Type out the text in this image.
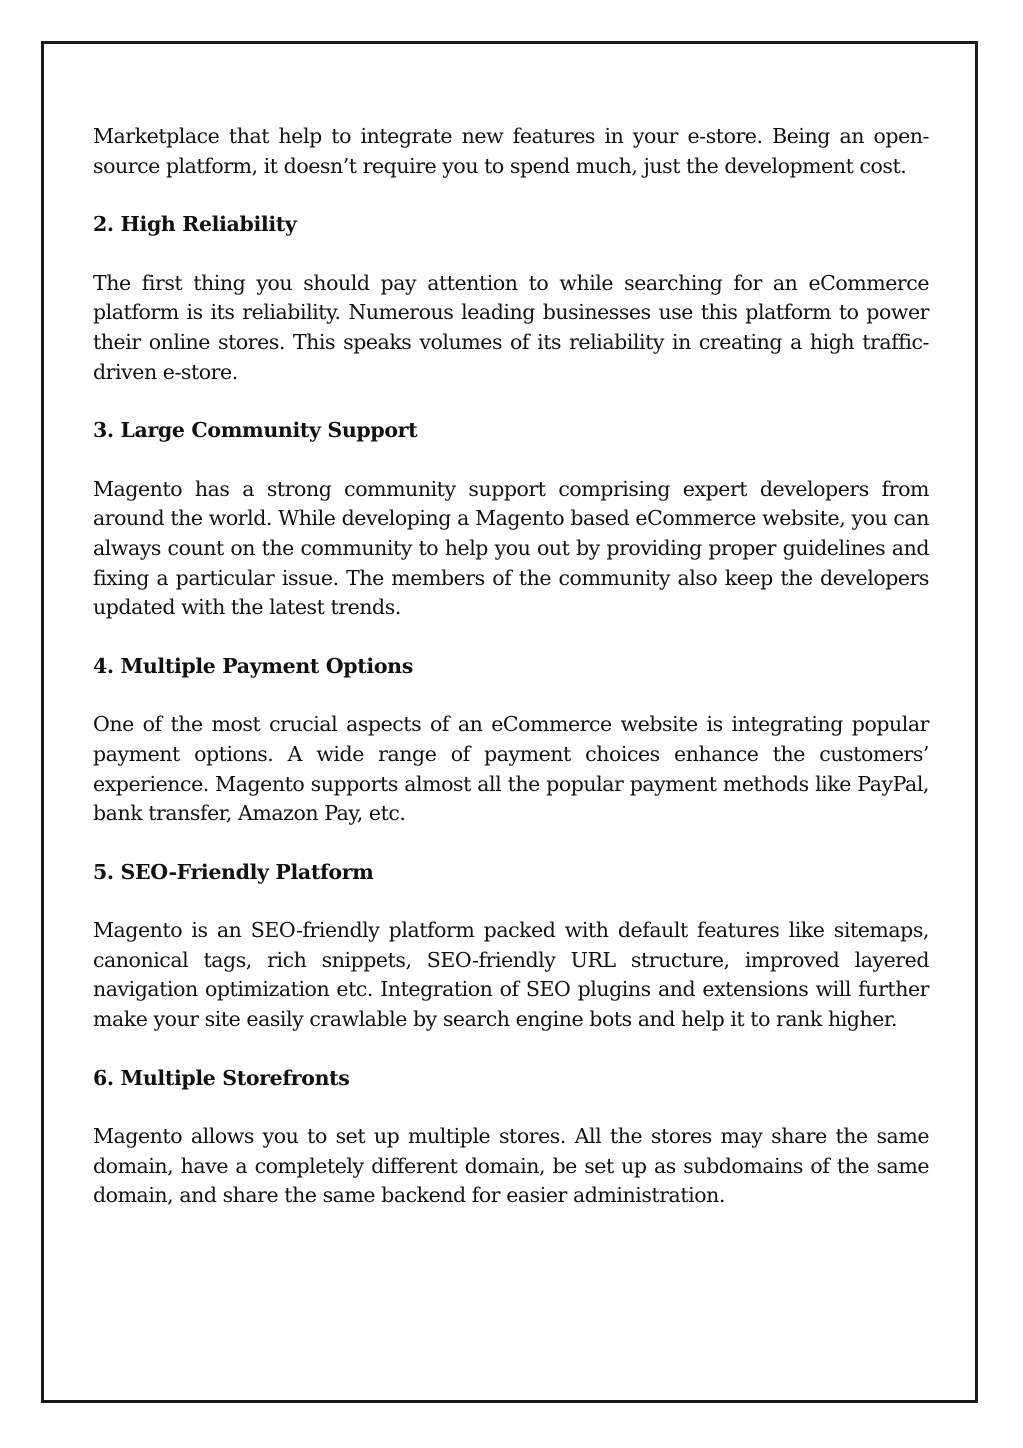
Marketplace that help to integrate new features in your e-store. Being an open-source platform, it doesn’t require you to spend much, just the development cost.

2. High Reliability

The first thing you should pay attention to while searching for an eCommerce platform is its reliability. Numerous leading businesses use this platform to power their online stores. This speaks volumes of its reliability in creating a high traffic-driven e-store.

3. Large Community Support

Magento has a strong community support comprising expert developers from around the world. While developing a Magento based eCommerce website, you can always count on the community to help you out by providing proper guidelines and fixing a particular issue. The members of the community also keep the developers updated with the latest trends.

4. Multiple Payment Options

One of the most crucial aspects of an eCommerce website is integrating popular payment options. A wide range of payment choices enhance the customers’ experience. Magento supports almost all the popular payment methods like PayPal, bank transfer, Amazon Pay, etc.

5. SEO-Friendly Platform

Magento is an SEO-friendly platform packed with default features like sitemaps, canonical tags, rich snippets, SEO-friendly URL structure, improved layered navigation optimization etc. Integration of SEO plugins and extensions will further make your site easily crawlable by search engine bots and help it to rank higher.

6. Multiple Storefronts

Magento allows you to set up multiple stores. All the stores may share the same domain, have a completely different domain, be set up as subdomains of the same domain, and share the same backend for easier administration.
